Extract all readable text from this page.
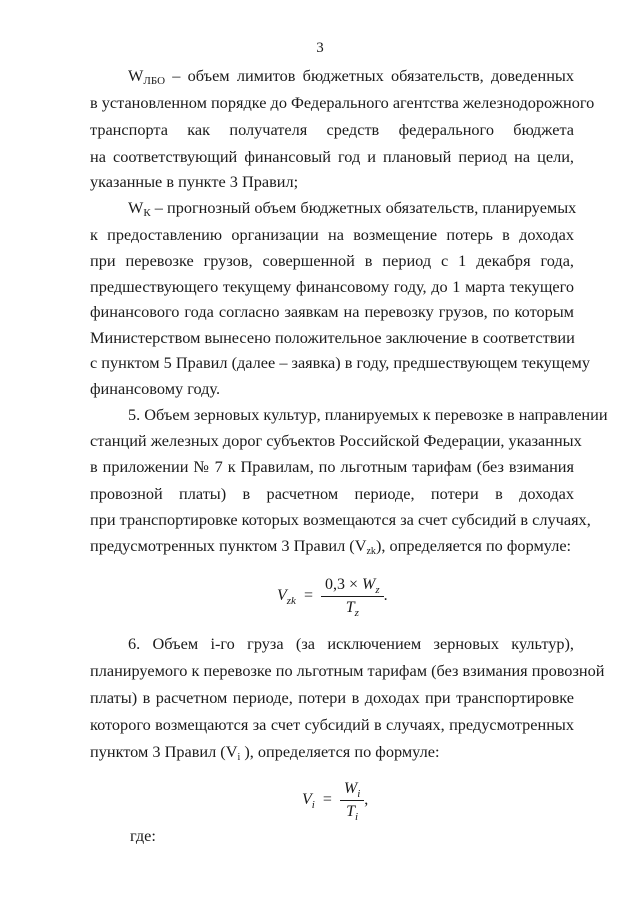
3
WЛБО – объем лимитов бюджетных обязательств, доведенных
в установленном порядке до Федерального агентства железнодорожного
транспорта как получателя средств федерального бюджета
на соответствующий финансовый год и плановый период на цели,
указанные в пункте 3 Правил;
WК – прогнозный объем бюджетных обязательств, планируемых
к предоставлению организации на возмещение потерь в доходах
при перевозке грузов, совершенной в период с 1 декабря года,
предшествующего текущему финансовому году, до 1 марта текущего
финансового года согласно заявкам на перевозку грузов, по которым
Министерством вынесено положительное заключение в соответствии
с пунктом 5 Правил (далее – заявка) в году, предшествующем текущему
финансовому году.
5. Объем зерновых культур, планируемых к перевозке в направлении
станций железных дорог субъектов Российской Федерации, указанных
в приложении № 7 к Правилам, по льготным тарифам (без взимания
провозной платы) в расчетном периоде, потери в доходах
при транспортировке которых возмещаются за счет субсидий в случаях,
предусмотренных пунктом 3 Правил (Vzk), определяется по формуле:
$V_{zk} = \frac{0,3 \times W_z}{T_z}$ .
6. Объем i-го груза (за исключением зерновых культур),
планируемого к перевозке по льготным тарифам (без взимания провозной
платы) в расчетном периоде, потери в доходах при транспортировке
которого возмещаются за счет субсидий в случаях, предусмотренных
пунктом 3 Правил (Vi ), определяется по формуле:
$V_i = \frac{W_i}{T_i}$ ,
где:
